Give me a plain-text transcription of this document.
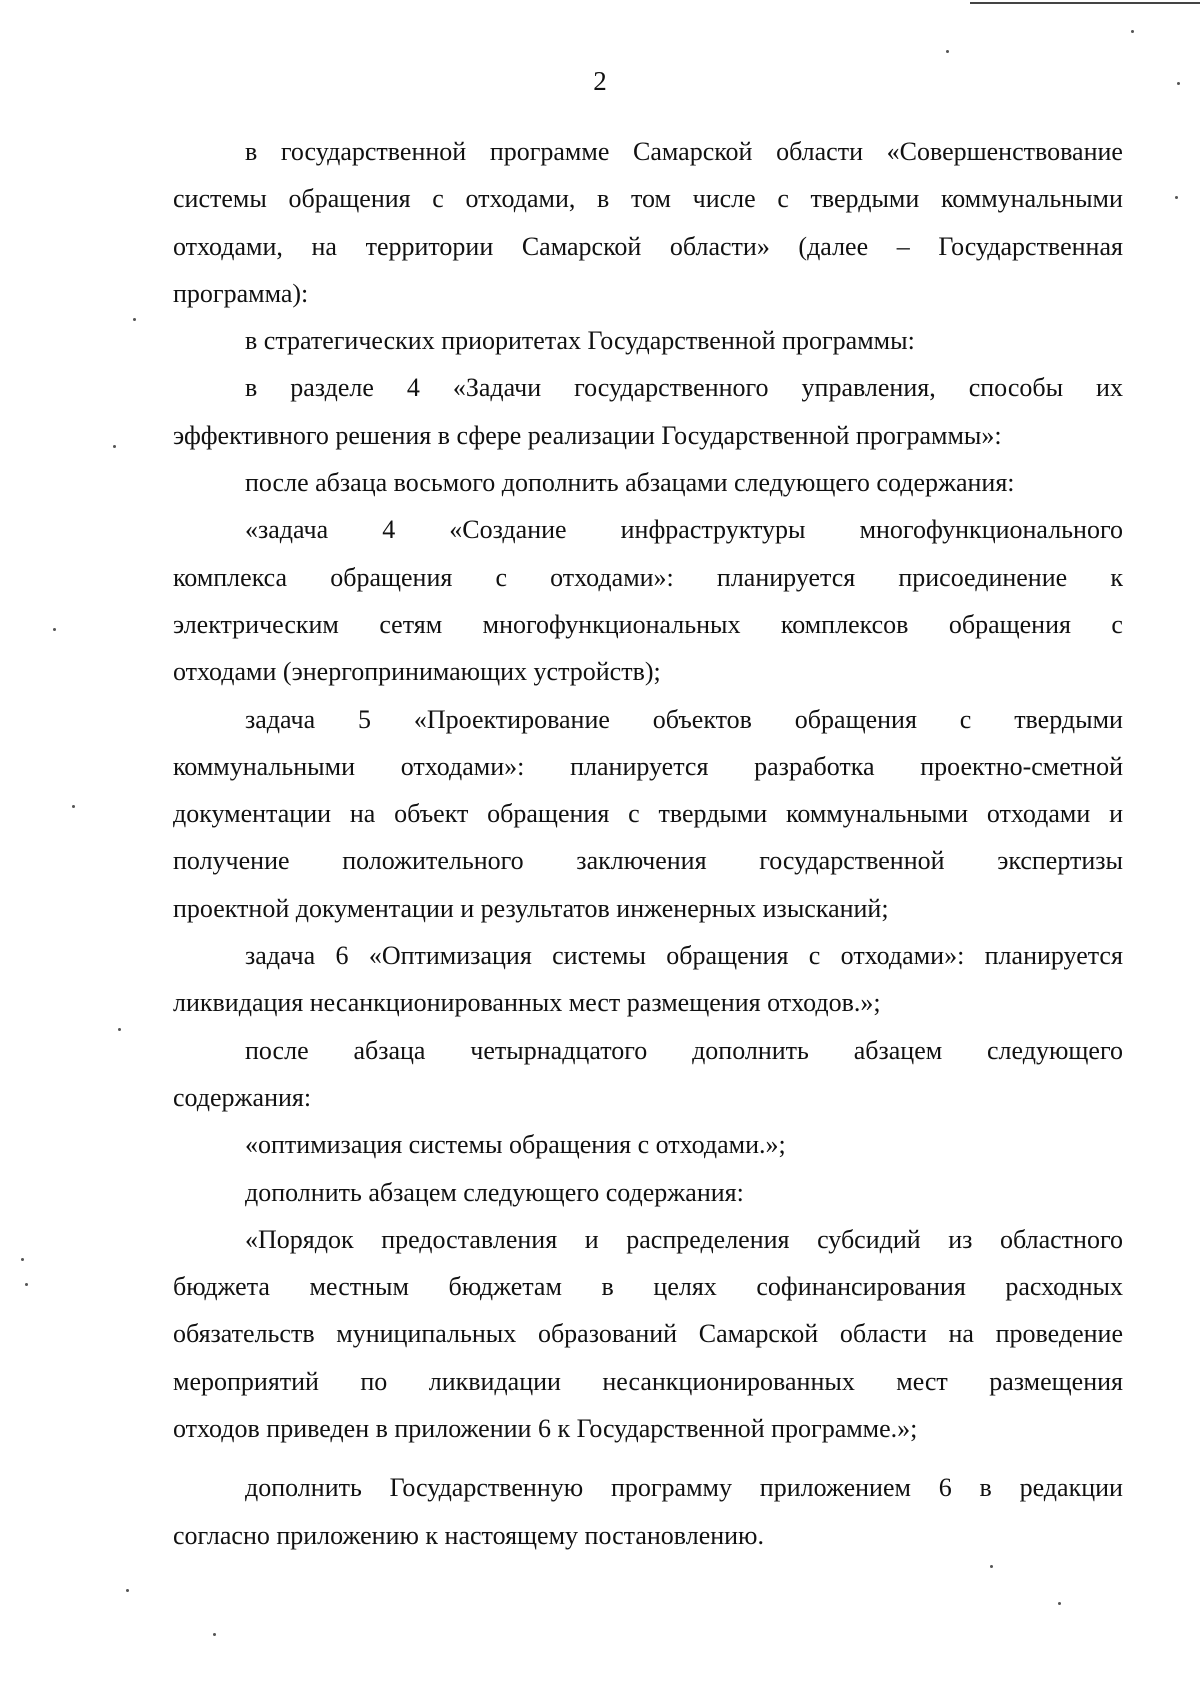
2
в государственной программе Самарской области «Совершенствование
системы обращения с отходами, в том числе с твердыми коммунальными
отходами, на территории Самарской области» (далее – Государственная
программа):
в стратегических приоритетах Государственной программы:
в разделе 4 «Задачи государственного управления, способы их
эффективного решения в сфере реализации Государственной программы»:
после абзаца восьмого дополнить абзацами следующего содержания:
«задача 4 «Создание инфраструктуры многофункционального
комплекса обращения с отходами»: планируется присоединение к
электрическим сетям многофункциональных комплексов обращения с
отходами (энергопринимающих устройств);
задача 5 «Проектирование объектов обращения с твердыми
коммунальными отходами»: планируется разработка проектно-сметной
документации на объект обращения с твердыми коммунальными отходами и
получение положительного заключения государственной экспертизы
проектной документации и результатов инженерных изысканий;
задача 6 «Оптимизация системы обращения с отходами»: планируется
ликвидация несанкционированных мест размещения отходов.»;
после абзаца четырнадцатого дополнить абзацем следующего
содержания:
«оптимизация системы обращения с отходами.»;
дополнить абзацем следующего содержания:
«Порядок предоставления и распределения субсидий из областного
бюджета местным бюджетам в целях софинансирования расходных
обязательств муниципальных образований Самарской области на проведение
мероприятий по ликвидации несанкционированных мест размещения
отходов приведен в приложении 6 к Государственной программе.»;
дополнить Государственную программу приложением 6 в редакции
согласно приложению к настоящему постановлению.
